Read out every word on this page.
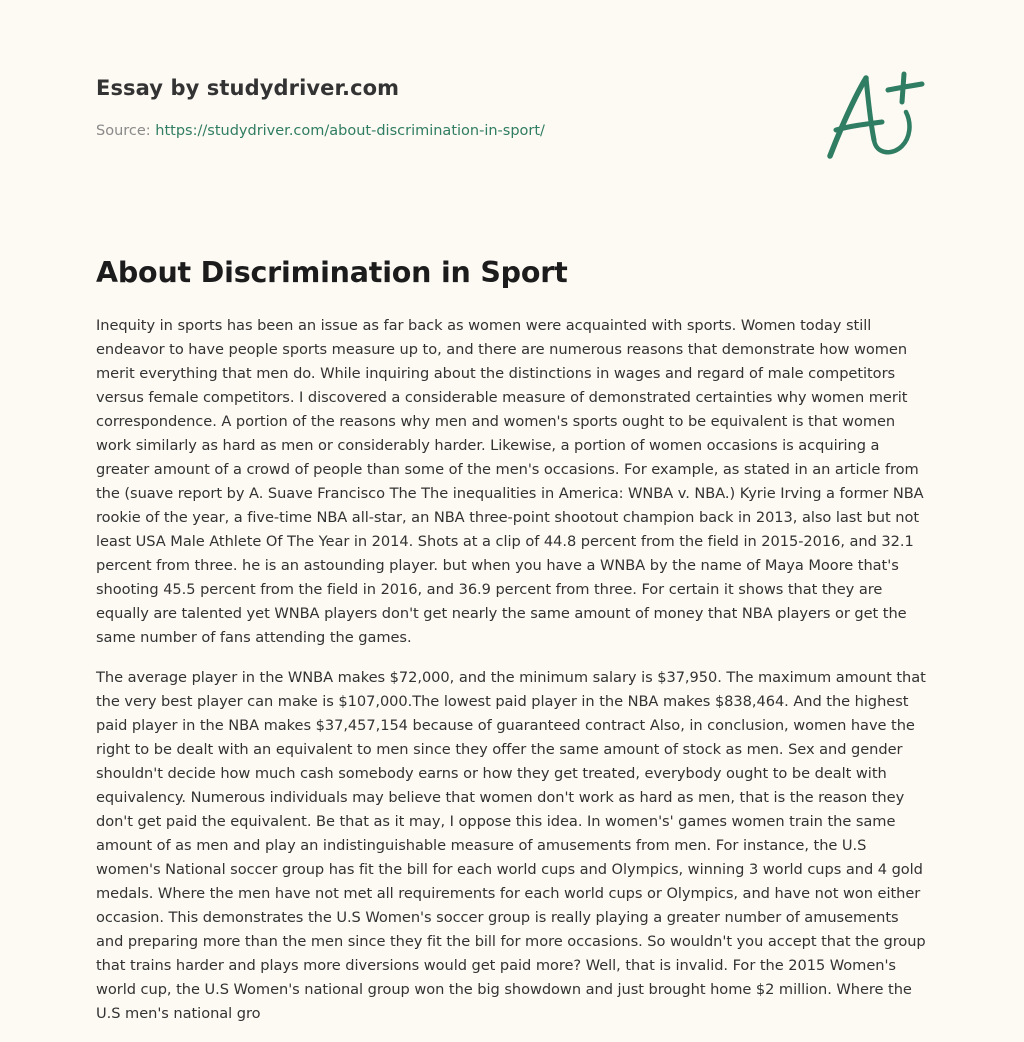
Essay by studydriver.com
Source: https://studydriver.com/about-discrimination-in-sport/
About Discrimination in Sport

Inequity in sports has been an issue as far back as women were acquainted with sports. Women today still endeavor to have people sports measure up to, and there are numerous reasons that demonstrate how women merit everything that men do. While inquiring about the distinctions in wages and regard of male competitors versus female competitors. I discovered a considerable measure of demonstrated certainties why women merit correspondence. A portion of the reasons why men and women's sports ought to be equivalent is that women work similarly as hard as men or considerably harder. Likewise, a portion of women occasions is acquiring a greater amount of a crowd of people than some of the men's occasions. For example, as stated in an article from the (suave report by A. Suave Francisco The The inequalities in America: WNBA v. NBA.) Kyrie Irving a former NBA rookie of the year, a five-time NBA all-star, an NBA three-point shootout champion back in 2013, also last but not least USA Male Athlete Of The Year in 2014. Shots at a clip of 44.8 percent from the field in 2015-2016, and 32.1 percent from three. he is an astounding player. but when you have a WNBA by the name of Maya Moore that's shooting 45.5 percent from the field in 2016, and 36.9 percent from three. For certain it shows that they are equally are talented yet WNBA players don't get nearly the same amount of money that NBA players or get the same number of fans attending the games.

The average player in the WNBA makes $72,000, and the minimum salary is $37,950. The maximum amount that the very best player can make is $107,000.The lowest paid player in the NBA makes $838,464. And the highest paid player in the NBA makes $37,457,154 because of guaranteed contract Also, in conclusion, women have the right to be dealt with an equivalent to men since they offer the same amount of stock as men. Sex and gender shouldn't decide how much cash somebody earns or how they get treated, everybody ought to be dealt with equivalency. Numerous individuals may believe that women don't work as hard as men, that is the reason they don't get paid the equivalent. Be that as it may, I oppose this idea. In women's' games women train the same amount of as men and play an indistinguishable measure of amusements from men. For instance, the U.S women's National soccer group has fit the bill for each world cups and Olympics, winning 3 world cups and 4 gold medals. Where the men have not met all requirements for each world cups or Olympics, and have not won either occasion. This demonstrates the U.S Women's soccer group is really playing a greater number of amusements and preparing more than the men since they fit the bill for more occasions. So wouldn't you accept that the group that trains harder and plays more diversions would get paid more? Well, that is invalid. For the 2015 Women's world cup, the U.S Women's national group won the big showdown and just brought home $2 million. Where the U.S men's national gro
